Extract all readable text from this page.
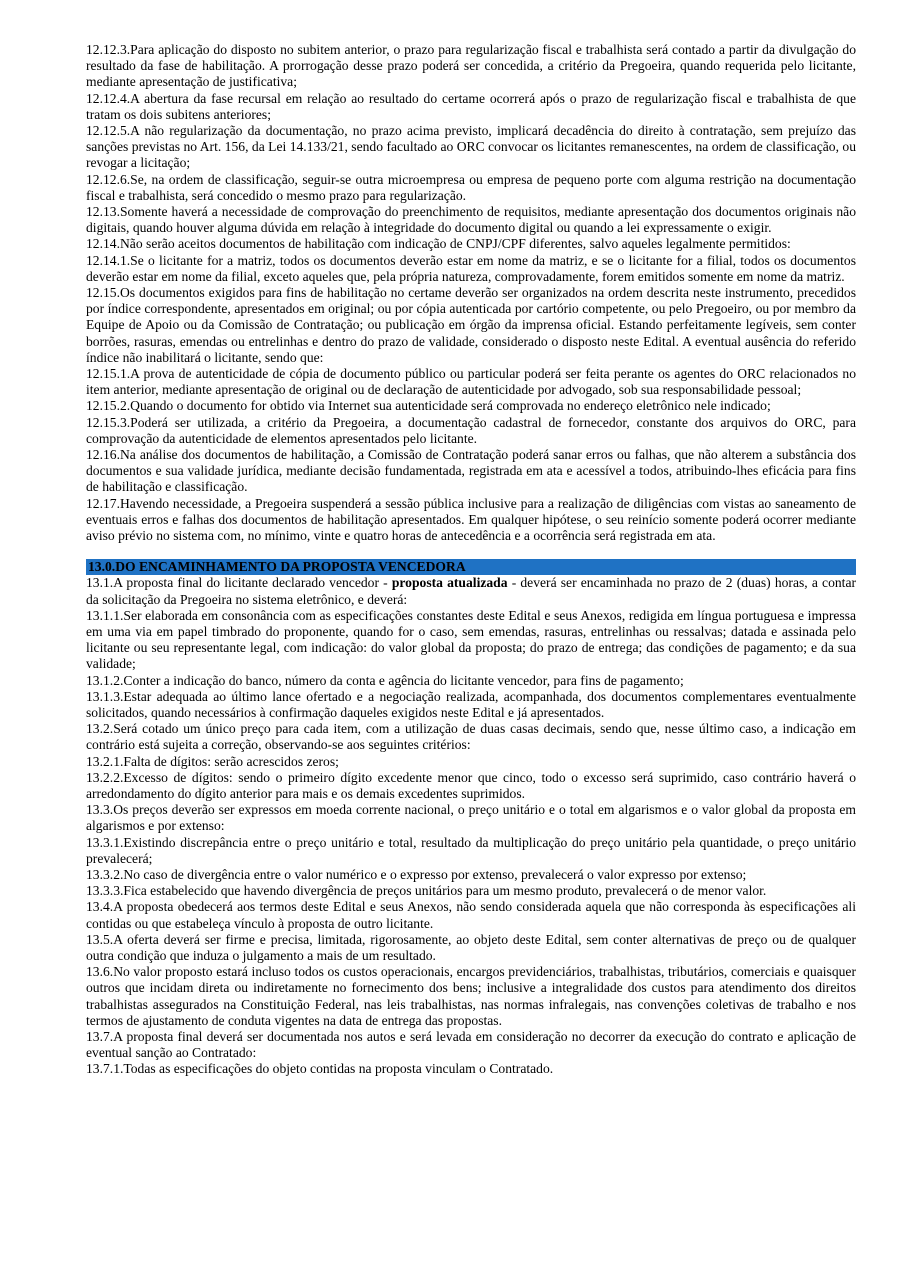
12.12.3.Para aplicação do disposto no subitem anterior, o prazo para regularização fiscal e trabalhista será contado a partir da divulgação do resultado da fase de habilitação. A prorrogação desse prazo poderá ser concedida, a critério da Pregoeira, quando requerida pelo licitante, mediante apresentação de justificativa;

12.12.4.A abertura da fase recursal em relação ao resultado do certame ocorrerá após o prazo de regularização fiscal e trabalhista de que tratam os dois subitens anteriores;

12.12.5.A não regularização da documentação, no prazo acima previsto, implicará decadência do direito à contratação, sem prejuízo das sanções previstas no Art. 156, da Lei 14.133/21, sendo facultado ao ORC convocar os licitantes remanescentes, na ordem de classificação, ou revogar a licitação;

12.12.6.Se, na ordem de classificação, seguir-se outra microempresa ou empresa de pequeno porte com alguma restrição na documentação fiscal e trabalhista, será concedido o mesmo prazo para regularização.

12.13.Somente haverá a necessidade de comprovação do preenchimento de requisitos, mediante apresentação dos documentos originais não digitais, quando houver alguma dúvida em relação à integridade do documento digital ou quando a lei expressamente o exigir.

12.14.Não serão aceitos documentos de habilitação com indicação de CNPJ/CPF diferentes, salvo aqueles legalmente permitidos:

12.14.1.Se o licitante for a matriz, todos os documentos deverão estar em nome da matriz, e se o licitante for a filial, todos os documentos deverão estar em nome da filial, exceto aqueles que, pela própria natureza, comprovadamente, forem emitidos somente em nome da matriz.

12.15.Os documentos exigidos para fins de habilitação no certame deverão ser organizados na ordem descrita neste instrumento, precedidos por índice correspondente, apresentados em original; ou por cópia autenticada por cartório competente, ou pelo Pregoeiro, ou por membro da Equipe de Apoio ou da Comissão de Contratação; ou publicação em órgão da imprensa oficial. Estando perfeitamente legíveis, sem conter borrões, rasuras, emendas ou entrelinhas e dentro do prazo de validade, considerado o disposto neste Edital. A eventual ausência do referido índice não inabilitará o licitante, sendo que:

12.15.1.A prova de autenticidade de cópia de documento público ou particular poderá ser feita perante os agentes do ORC relacionados no item anterior, mediante apresentação de original ou de declaração de autenticidade por advogado, sob sua responsabilidade pessoal;

12.15.2.Quando o documento for obtido via Internet sua autenticidade será comprovada no endereço eletrônico nele indicado;

12.15.3.Poderá ser utilizada, a critério da Pregoeira, a documentação cadastral de fornecedor, constante dos arquivos do ORC, para comprovação da autenticidade de elementos apresentados pelo licitante.

12.16.Na análise dos documentos de habilitação, a Comissão de Contratação poderá sanar erros ou falhas, que não alterem a substância dos documentos e sua validade jurídica, mediante decisão fundamentada, registrada em ata e acessível a todos, atribuindo-lhes eficácia para fins de habilitação e classificação.

12.17.Havendo necessidade, a Pregoeira suspenderá a sessão pública inclusive para a realização de diligências com vistas ao saneamento de eventuais erros e falhas dos documentos de habilitação apresentados. Em qualquer hipótese, o seu reinício somente poderá ocorrer mediante aviso prévio no sistema com, no mínimo, vinte e quatro horas de antecedência e a ocorrência será registrada em ata.

13.0.DO ENCAMINHAMENTO DA PROPOSTA VENCEDORA

13.1.A proposta final do licitante declarado vencedor - proposta atualizada - deverá ser encaminhada no prazo de 2 (duas) horas, a contar da solicitação da Pregoeira no sistema eletrônico, e deverá:

13.1.1.Ser elaborada em consonância com as especificações constantes deste Edital e seus Anexos, redigida em língua portuguesa e impressa em uma via em papel timbrado do proponente, quando for o caso, sem emendas, rasuras, entrelinhas ou ressalvas; datada e assinada pelo licitante ou seu representante legal, com indicação: do valor global da proposta; do prazo de entrega; das condições de pagamento; e da sua validade;

13.1.2.Conter a indicação do banco, número da conta e agência do licitante vencedor, para fins de pagamento;

13.1.3.Estar adequada ao último lance ofertado e a negociação realizada, acompanhada, dos documentos complementares eventualmente solicitados, quando necessários à confirmação daqueles exigidos neste Edital e já apresentados.

13.2.Será cotado um único preço para cada item, com a utilização de duas casas decimais, sendo que, nesse último caso, a indicação em contrário está sujeita a correção, observando-se aos seguintes critérios:

13.2.1.Falta de dígitos: serão acrescidos zeros;

13.2.2.Excesso de dígitos: sendo o primeiro dígito excedente menor que cinco, todo o excesso será suprimido, caso contrário haverá o arredondamento do dígito anterior para mais e os demais excedentes suprimidos.

13.3.Os preços deverão ser expressos em moeda corrente nacional, o preço unitário e o total em algarismos e o valor global da proposta em algarismos e por extenso:

13.3.1.Existindo discrepância entre o preço unitário e total, resultado da multiplicação do preço unitário pela quantidade, o preço unitário prevalecerá;

13.3.2.No caso de divergência entre o valor numérico e o expresso por extenso, prevalecerá o valor expresso por extenso;

13.3.3.Fica estabelecido que havendo divergência de preços unitários para um mesmo produto, prevalecerá o de menor valor.

13.4.A proposta obedecerá aos termos deste Edital e seus Anexos, não sendo considerada aquela que não corresponda às especificações ali contidas ou que estabeleça vínculo à proposta de outro licitante.

13.5.A oferta deverá ser firme e precisa, limitada, rigorosamente, ao objeto deste Edital, sem conter alternativas de preço ou de qualquer outra condição que induza o julgamento a mais de um resultado.

13.6.No valor proposto estará incluso todos os custos operacionais, encargos previdenciários, trabalhistas, tributários, comerciais e quaisquer outros que incidam direta ou indiretamente no fornecimento dos bens; inclusive a integralidade dos custos para atendimento dos direitos trabalhistas assegurados na Constituição Federal, nas leis trabalhistas, nas normas infralegais, nas convenções coletivas de trabalho e nos termos de ajustamento de conduta vigentes na data de entrega das propostas.

13.7.A proposta final deverá ser documentada nos autos e será levada em consideração no decorrer da execução do contrato e aplicação de eventual sanção ao Contratado:

13.7.1.Todas as especificações do objeto contidas na proposta vinculam o Contratado.
